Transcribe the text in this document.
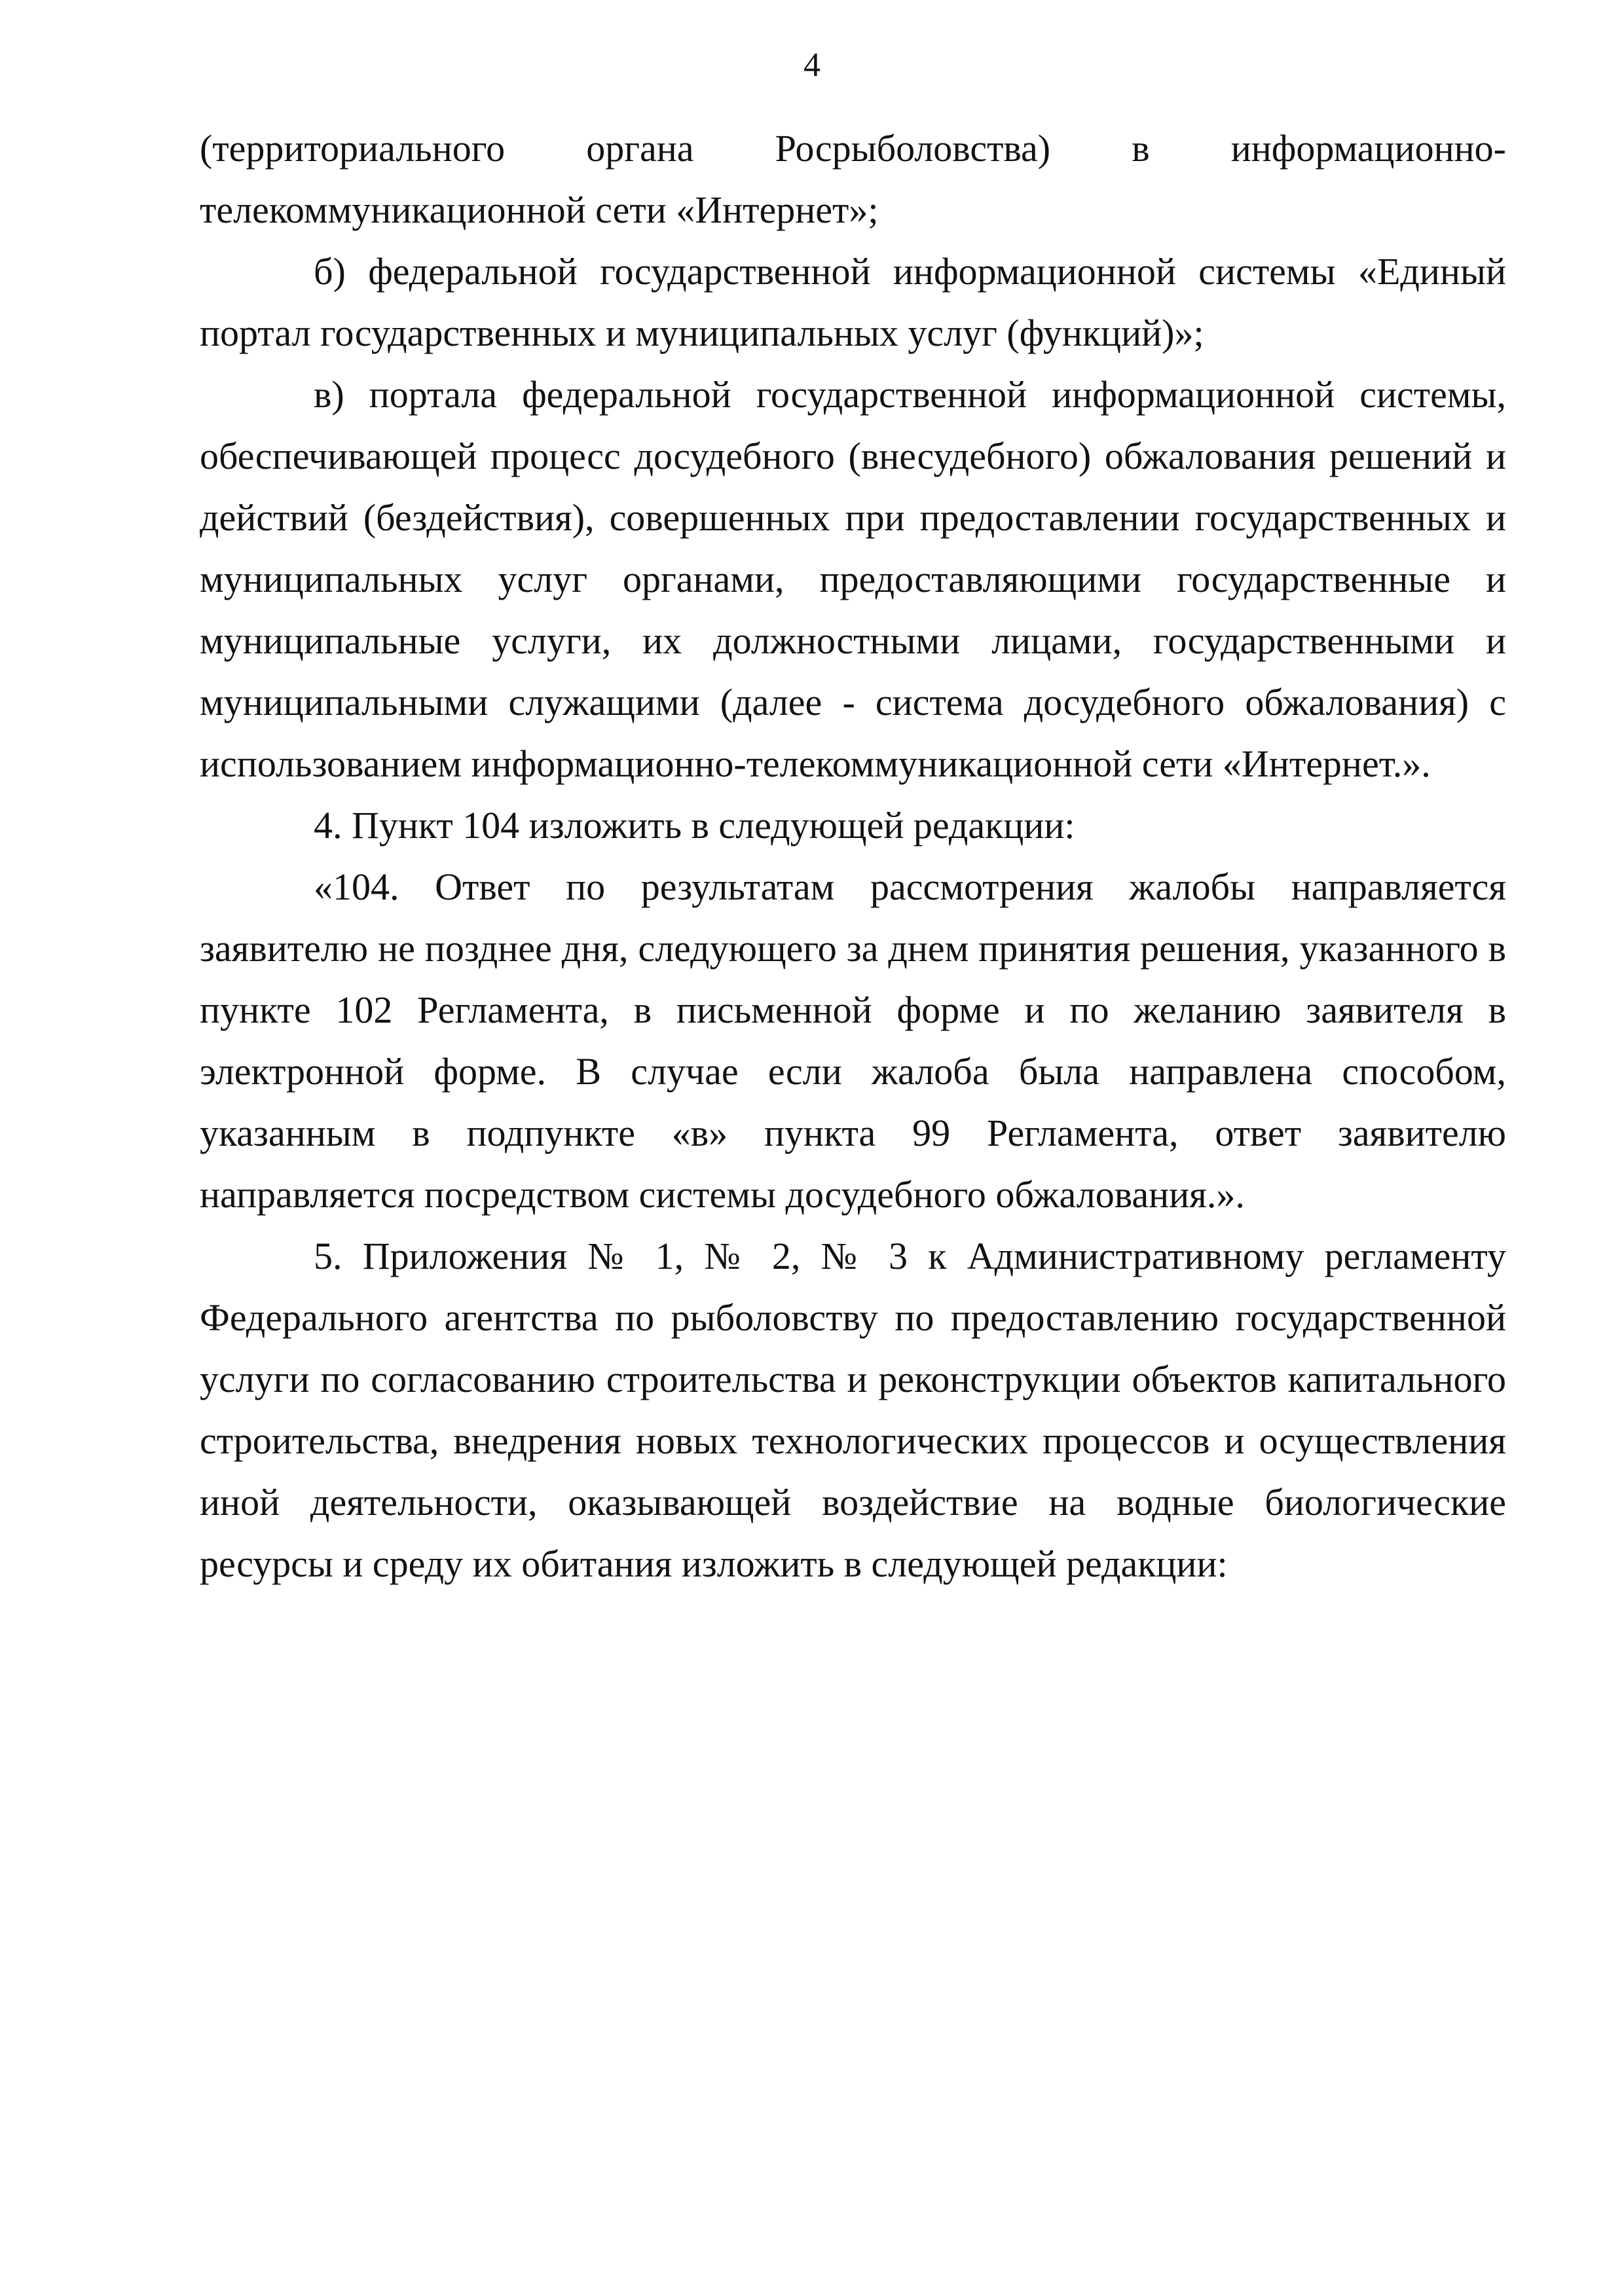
4

(территориального органа Росрыболовства) в информационно-телекоммуникационной сети «Интернет»;

б) федеральной государственной информационной системы «Единый портал государственных и муниципальных услуг (функций)»;

в) портала федеральной государственной информационной системы, обеспечивающей процесс досудебного (внесудебного) обжалования решений и действий (бездействия), совершенных при предоставлении государственных и муниципальных услуг органами, предоставляющими государственные и муниципальные услуги, их должностными лицами, государственными и муниципальными служащими (далее - система досудебного обжалования) с использованием информационно-телекоммуникационной сети «Интернет.».

4. Пункт 104 изложить в следующей редакции:

«104. Ответ по результатам рассмотрения жалобы направляется заявителю не позднее дня, следующего за днем принятия решения, указанного в пункте 102 Регламента, в письменной форме и по желанию заявителя в электронной форме. В случае если жалоба была направлена способом, указанным в подпункте «в» пункта 99 Регламента, ответ заявителю направляется посредством системы досудебного обжалования.».

5. Приложения № 1, № 2, № 3 к Административному регламенту Федерального агентства по рыболовству по предоставлению государственной услуги по согласованию строительства и реконструкции объектов капитального строительства, внедрения новых технологических процессов и осуществления иной деятельности, оказывающей воздействие на водные биологические ресурсы и среду их обитания изложить в следующей редакции:
